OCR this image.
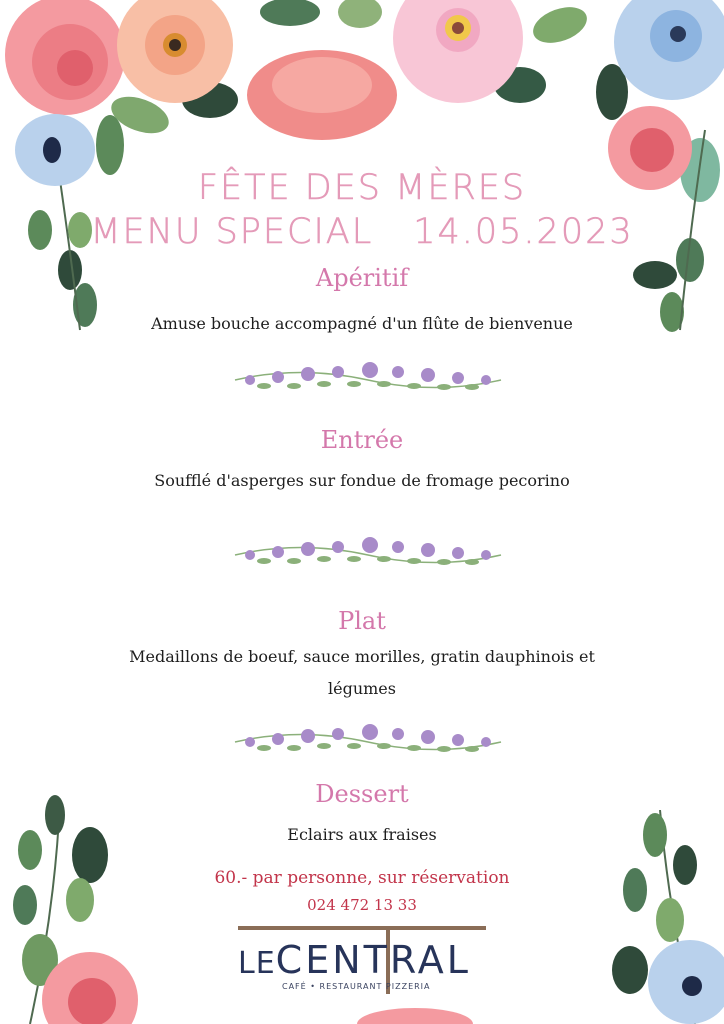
FÊTE DES MÈRES
MENU SPECIAL 14.05.2023
Apéritif
Amuse bouche accompagné d'un flûte de bienvenue
Entrée
Soufflé d'asperges sur fondue de fromage pecorino
Plat
Medaillons de boeuf, sauce morilles, gratin dauphinois et
légumes
Dessert
Eclairs aux fraises
60.- par personne, sur réservation
024 472 13 33
LECENTRAL
CAFÉ • RESTAURANT PIZZERIA
